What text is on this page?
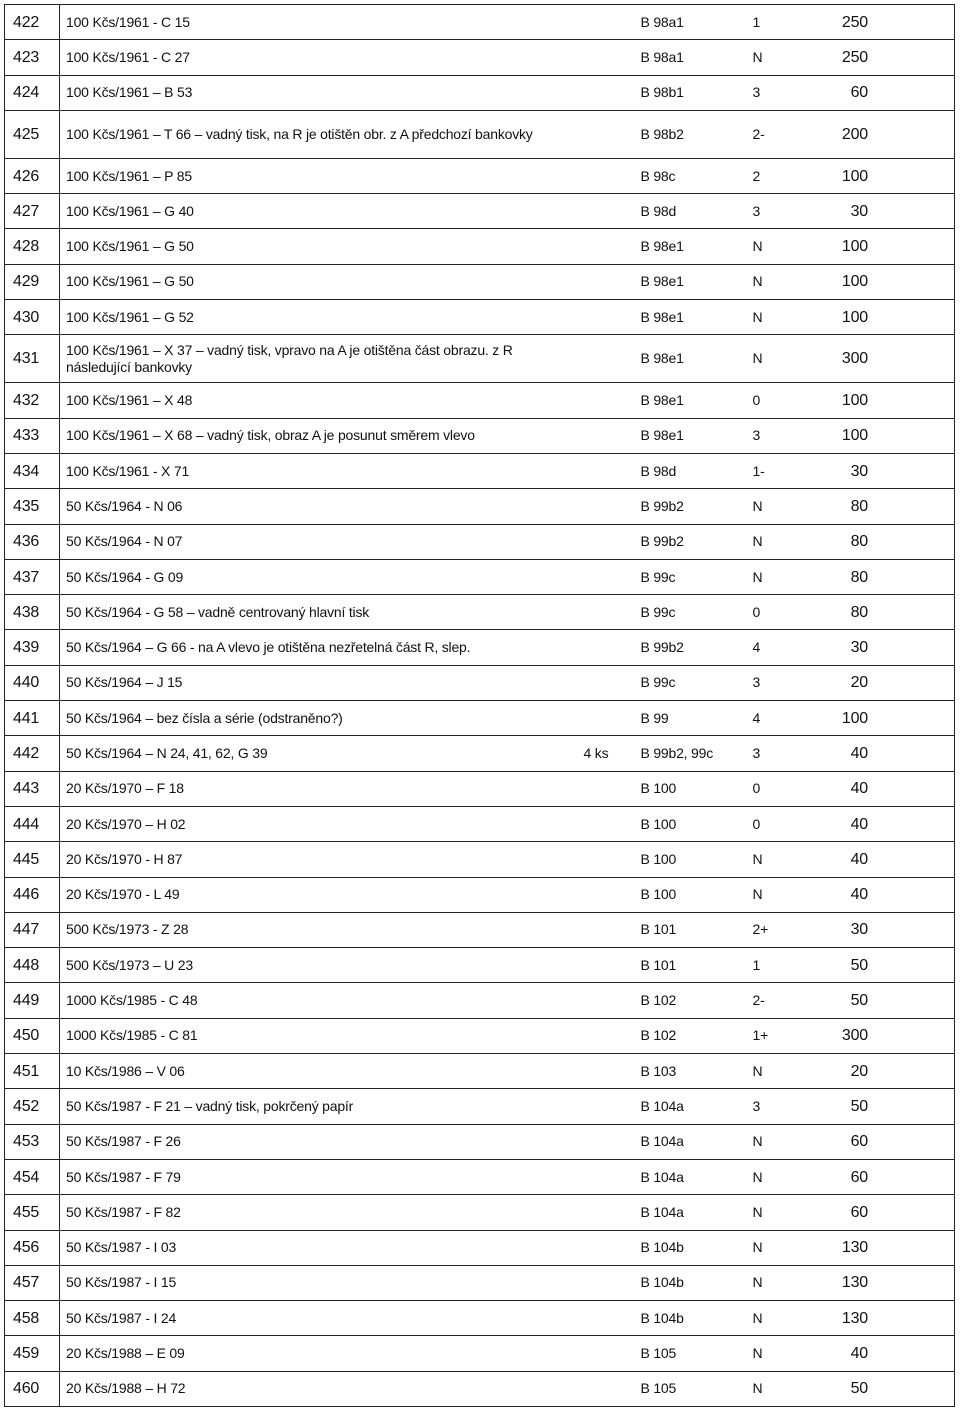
422	100 Kčs/1961 - C 15		B 98a1	1	250
423	100 Kčs/1961 - C 27		B 98a1	N	250
424	100 Kčs/1961 – B 53		B 98b1	3	60
425	100 Kčs/1961 – T 66 – vadný tisk, na R je otištěn obr. z A předchozí bankovky		B 98b2	2-	200
426	100 Kčs/1961 – P 85		B 98c	2	100
427	100 Kčs/1961 – G 40		B 98d	3	30
428	100 Kčs/1961 – G 50		B 98e1	N	100
429	100 Kčs/1961 – G 50		B 98e1	N	100
430	100 Kčs/1961 – G 52		B 98e1	N	100
431	100 Kčs/1961 – X 37 – vadný tisk, vpravo na A je otištěna část obrazu. z R následující bankovky		B 98e1	N	300
432	100 Kčs/1961 – X 48		B 98e1	0	100
433	100 Kčs/1961 – X 68 – vadný tisk, obraz A je posunut směrem vlevo		B 98e1	3	100
434	100 Kčs/1961 - X 71		B 98d	1-	30
435	50 Kčs/1964 - N 06		B 99b2	N	80
436	50 Kčs/1964 - N 07		B 99b2	N	80
437	50 Kčs/1964 - G 09		B 99c	N	80
438	50 Kčs/1964 - G 58 – vadně centrovaný hlavní tisk		B 99c	0	80
439	50 Kčs/1964 – G 66 - na A vlevo je otištěna nezřetelná část R, slep.		B 99b2	4	30
440	50 Kčs/1964 – J 15		B 99c	3	20
441	50 Kčs/1964 – bez čísla a série (odstraněno?)		B 99	4	100
442	50 Kčs/1964 – N 24, 41, 62, G 39	4 ks	B 99b2, 99c	3	40
443	20 Kčs/1970 – F 18		B 100	0	40
444	20 Kčs/1970 – H 02		B 100	0	40
445	20 Kčs/1970 - H 87		B 100	N	40
446	20 Kčs/1970 - L 49		B 100	N	40
447	500 Kčs/1973 - Z 28		B 101	2+	30
448	500 Kčs/1973 – U 23		B 101	1	50
449	1000 Kčs/1985 - C 48		B 102	2-	50
450	1000 Kčs/1985 - C 81		B 102	1+	300
451	10 Kčs/1986 – V 06		B 103	N	20
452	50 Kčs/1987 - F 21 – vadný tisk, pokrčený papír		B 104a	3	50
453	50 Kčs/1987 - F 26		B 104a	N	60
454	50 Kčs/1987 - F 79		B 104a	N	60
455	50 Kčs/1987 - F 82		B 104a	N	60
456	50 Kčs/1987 - I 03		B 104b	N	130
457	50 Kčs/1987 - I 15		B 104b	N	130
458	50 Kčs/1987 - I 24		B 104b	N	130
459	20 Kčs/1988 – E 09		B 105	N	40
460	20 Kčs/1988 – H 72		B 105	N	50
